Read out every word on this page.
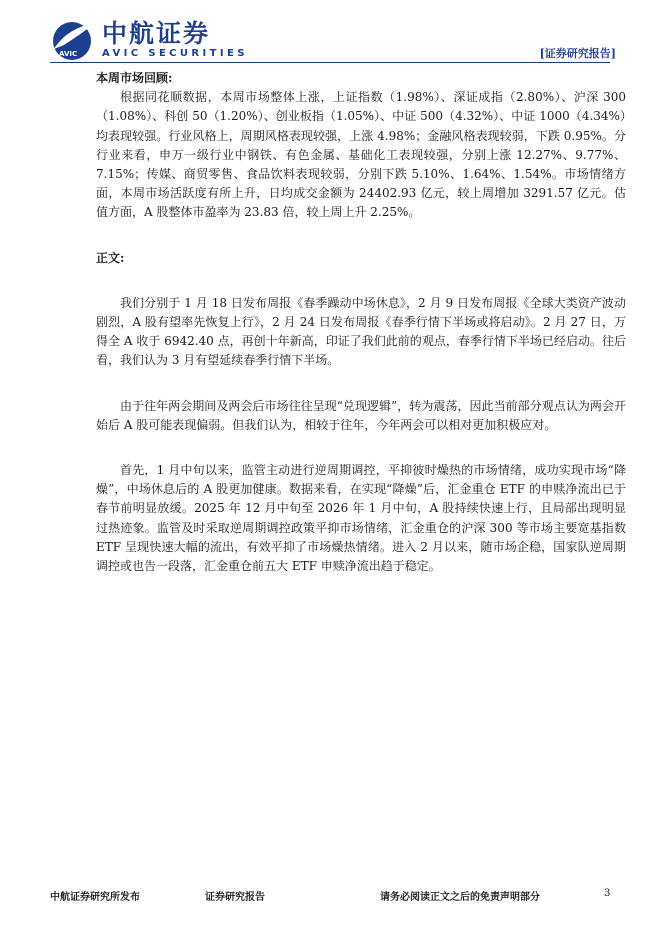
AVIC
中航证券
AVIC SECURITIES	[证券研究报告]

本周市场回顾:

根据同花顺数据，本周市场整体上涨，上证指数（1.98%）、深证成指（2.80%）、沪深 300（1.08%）、科创 50（1.20%）、创业板指（1.05%）、中证 500（4.32%）、中证 1000（4.34%）均表现较强。行业风格上，周期风格表现较强，上涨 4.98%；金融风格表现较弱，下跌 0.95%。分行业来看，申万一级行业中钢铁、有色金属、基础化工表现较强，分别上涨 12.27%、9.77%、7.15%；传媒、商贸零售、食品饮料表现较弱，分别下跌 5.10%、1.64%、1.54%。市场情绪方面，本周市场活跃度有所上升，日均成交金额为 24402.93 亿元，较上周增加 3291.57 亿元。估值方面，A 股整体市盈率为 23.83 倍，较上周上升 2.25%。

正文:

我们分别于 1 月 18 日发布周报《春季躁动中场休息》，2 月 9 日发布周报《全球大类资产波动剧烈，A 股有望率先恢复上行》，2 月 24 日发布周报《春季行情下半场或将启动》。2 月 27 日，万得全 A 收于 6942.40 点，再创十年新高，印证了我们此前的观点，春季行情下半场已经启动。往后看，我们认为 3 月有望延续春季行情下半场。

由于往年两会期间及两会后市场往往呈现“兑现逻辑”，转为震荡，因此当前部分观点认为两会开始后 A 股可能表现偏弱。但我们认为，相较于往年，今年两会可以相对更加积极应对。

首先，1 月中旬以来，监管主动进行逆周期调控，平抑彼时燥热的市场情绪，成功实现市场“降燥”，中场休息后的 A 股更加健康。数据来看，在实现“降燥”后，汇金重仓 ETF 的申赎净流出已于春节前明显放缓。2025 年 12 月中旬至 2026 年 1 月中旬，A 股持续快速上行，且局部出现明显过热迹象。监管及时采取逆周期调控政策平抑市场情绪，汇金重仓的沪深 300 等市场主要宽基指数 ETF 呈现快速大幅的流出，有效平抑了市场燥热情绪。进入 2 月以来，随市场企稳，国家队逆周期调控或也告一段落，汇金重仓前五大 ETF 申赎净流出趋于稳定。

中航证券研究所发布	证券研究报告	请务必阅读正文之后的免责声明部分	3
